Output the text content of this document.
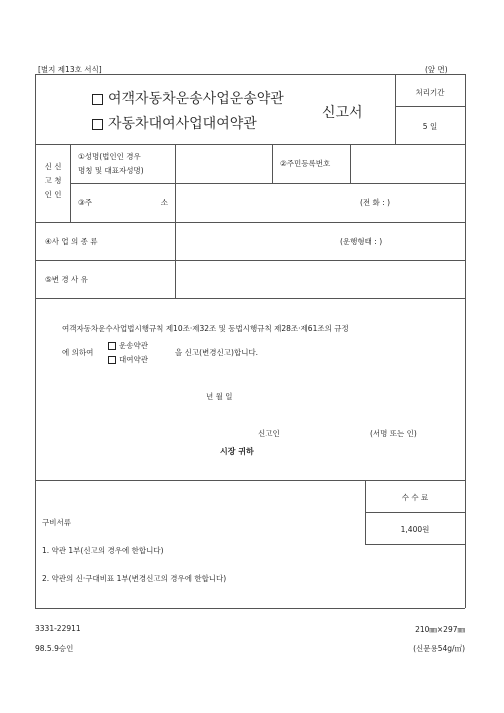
[별지 제13호 서식]	(앞 면)
여객자동차운송사업운송약관
자동차대여사업대여약관
신고서
처리기간
5 일
신 신
고 청
인 인
①성명(법인인 경우
명칭 및 대표자성명)
②주민등록번호
③주	소	(전 화 : )
④사 업 의 종 류	(운행형태 : )
⑤변 경 사 유
여객자동차운수사업법시행규칙 제10조·제32조 및 동법시행규칙 제28조·제61조의 규정
에 의하여
운송약관
대여약관
을 신고(변경신고)합니다.
년 월 일
신고인	(서명 또는 인)
시장 귀하
구비서류
1. 약관 1부(신고의 경우에 한합니다)
2. 약관의 신·구대비표 1부(변경신고의 경우에 한합니다)
수 수 료
1,400원
3331-22911
98.5.9승인
210㎜×297㎜
(신문용54g/㎡)
